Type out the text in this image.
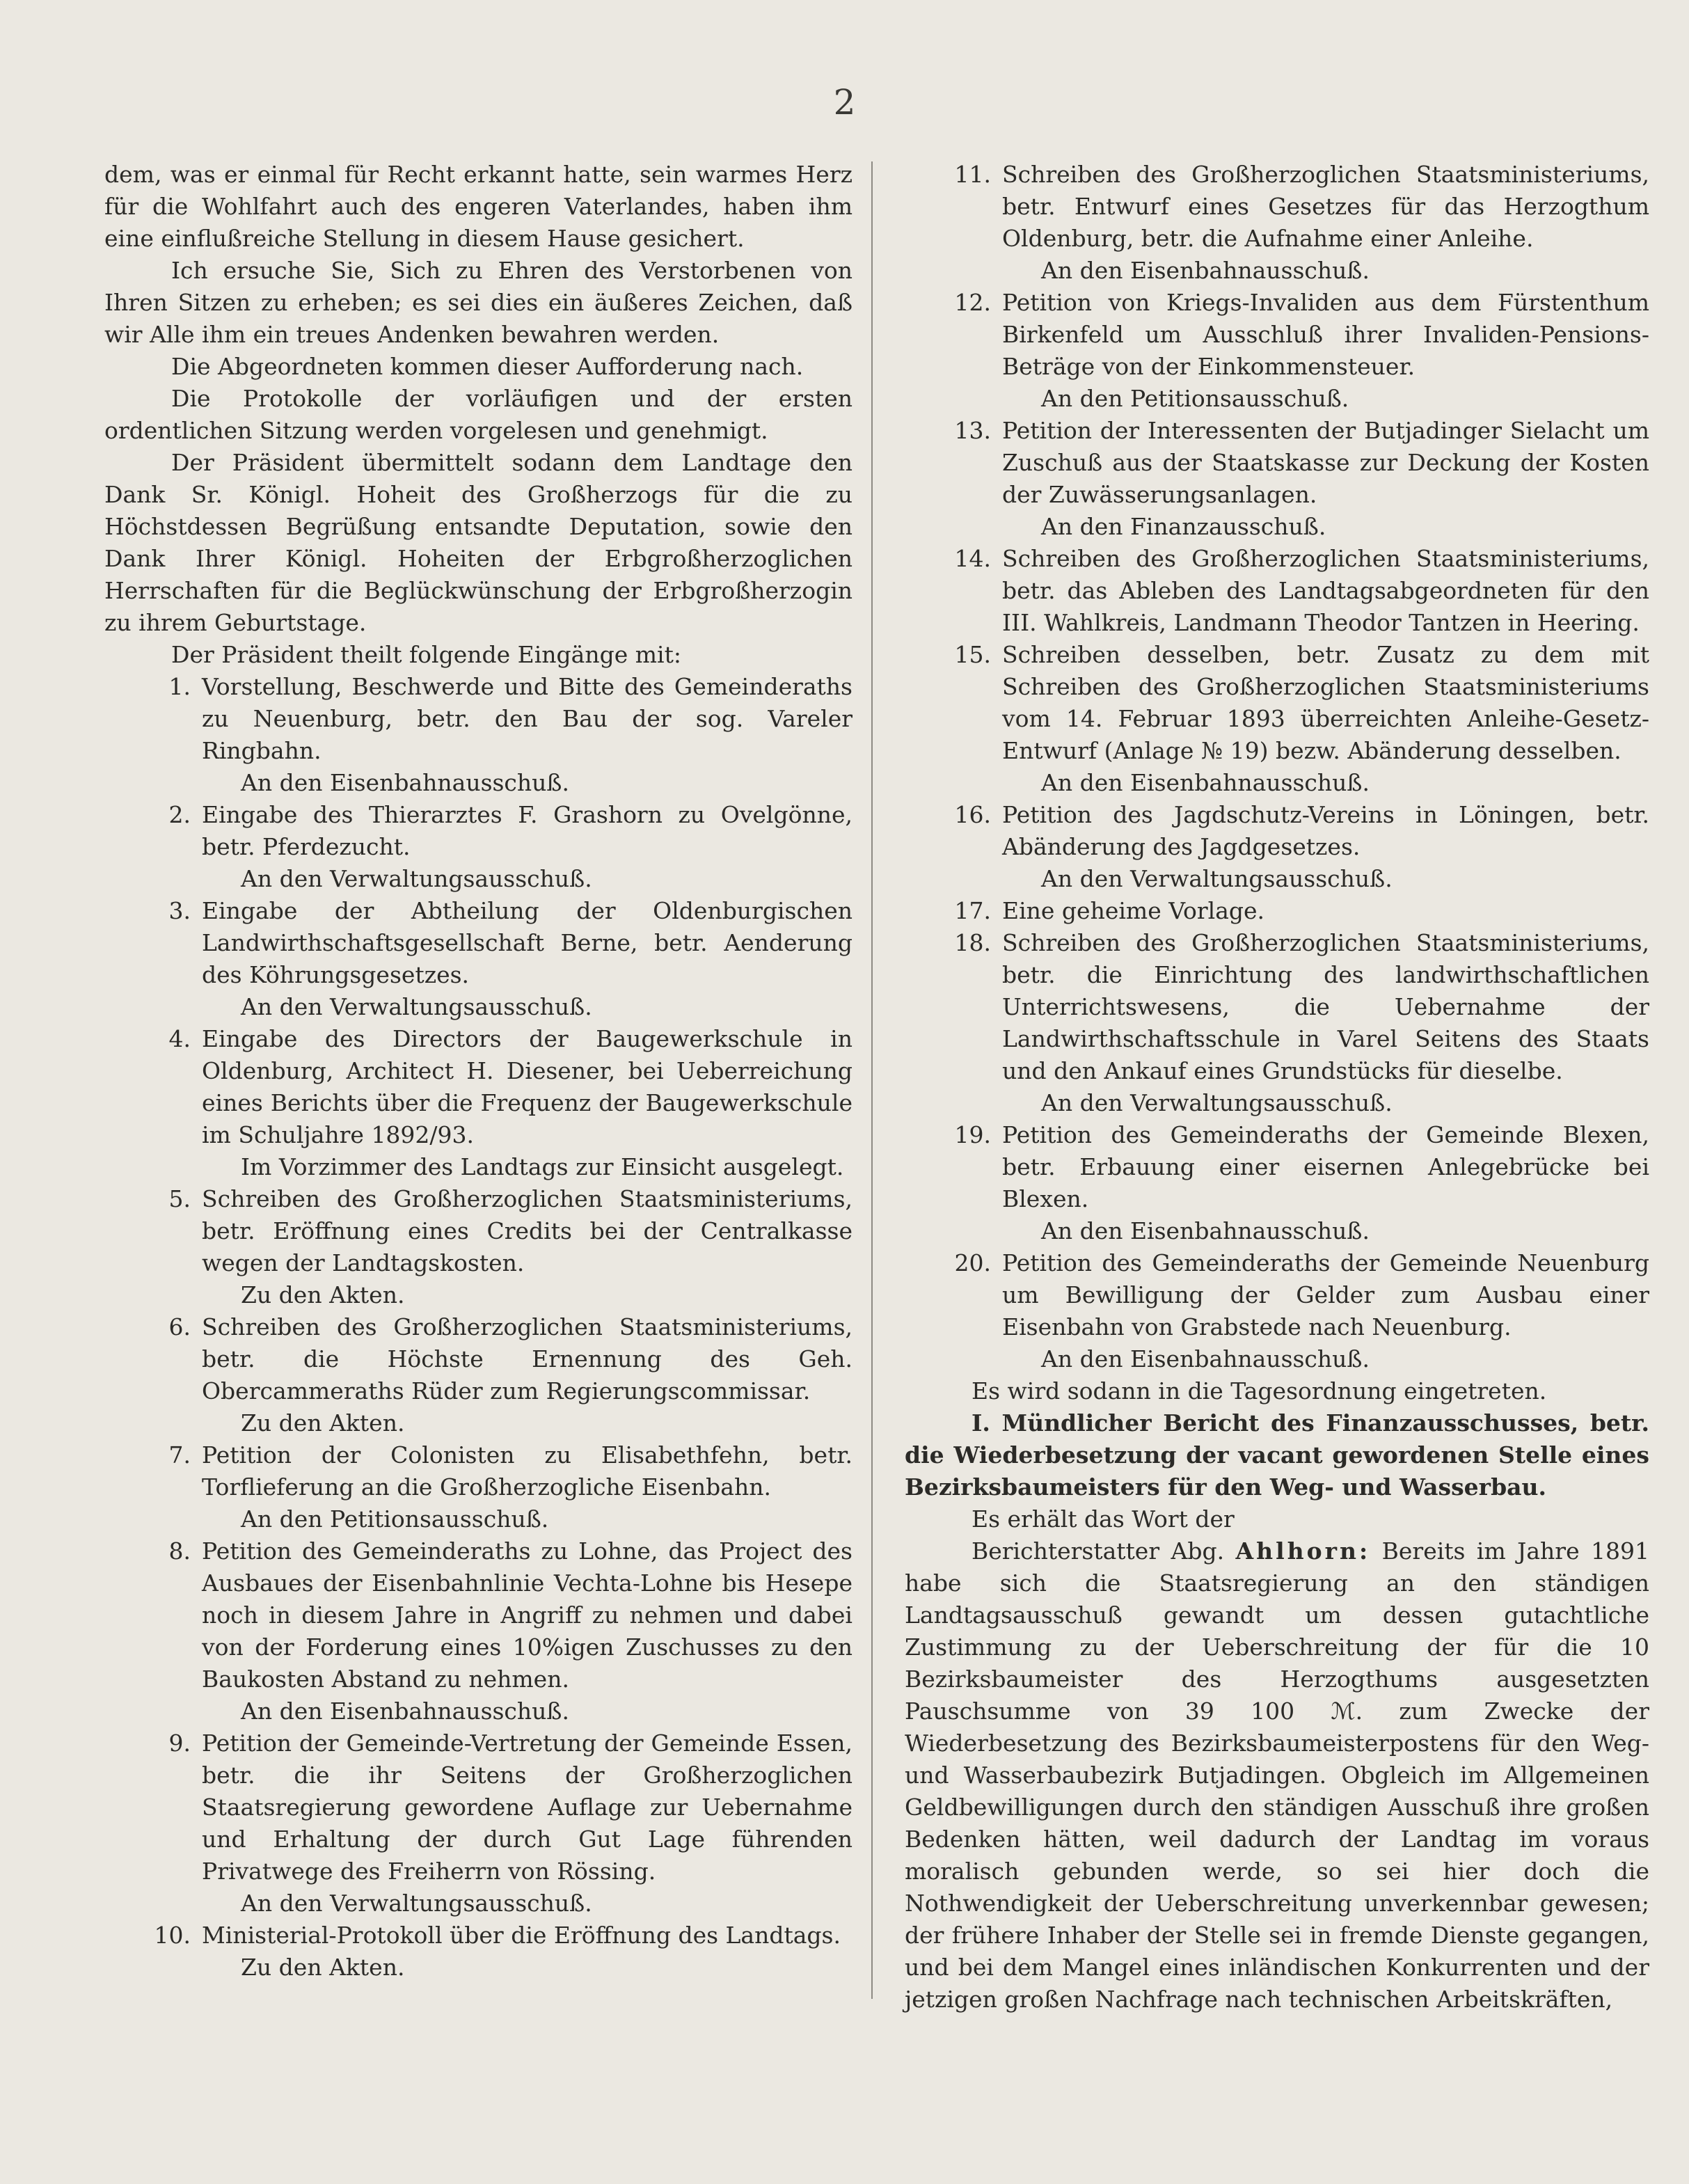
2

dem, was er einmal für Recht erkannt hatte, sein warmes Herz für die Wohlfahrt auch des engeren Vaterlandes, haben ihm eine einflußreiche Stellung in diesem Hause gesichert.

Ich ersuche Sie, Sich zu Ehren des Verstorbenen von Ihren Sitzen zu erheben; es sei dies ein äußeres Zeichen, daß wir Alle ihm ein treues Andenken bewahren werden.

Die Abgeordneten kommen dieser Aufforderung nach.

Die Protokolle der vorläufigen und der ersten ordentlichen Sitzung werden vorgelesen und genehmigt.

Der Präsident übermittelt sodann dem Landtage den Dank Sr. Königl. Hoheit des Großherzogs für die zu Höchstdessen Begrüßung entsandte Deputation, sowie den Dank Ihrer Königl. Hoheiten der Erbgroßherzoglichen Herrschaften für die Beglückwünschung der Erbgroßherzogin zu ihrem Geburtstage.

Der Präsident theilt folgende Eingänge mit:

1. Vorstellung, Beschwerde und Bitte des Gemeinderaths zu Neuenburg, betr. den Bau der sog. Vareler Ringbahn.
An den Eisenbahnausschuß.
2. Eingabe des Thierarztes F. Grashorn zu Ovelgönne, betr. Pferdezucht.
An den Verwaltungsausschuß.
3. Eingabe der Abtheilung der Oldenburgischen Landwirthschaftsgesellschaft Berne, betr. Aenderung des Köhrungsgesetzes.
An den Verwaltungsausschuß.
4. Eingabe des Directors der Baugewerkschule in Oldenburg, Architect H. Diesener, bei Ueberreichung eines Berichts über die Frequenz der Baugewerkschule im Schuljahre 1892/93.
Im Vorzimmer des Landtags zur Einsicht ausgelegt.
5. Schreiben des Großherzoglichen Staatsministeriums, betr. Eröffnung eines Credits bei der Centralkasse wegen der Landtagskosten.
Zu den Akten.
6. Schreiben des Großherzoglichen Staatsministeriums, betr. die Höchste Ernennung des Geh. Obercammeraths Rüder zum Regierungscommissar.
Zu den Akten.
7. Petition der Colonisten zu Elisabethfehn, betr. Torflieferung an die Großherzogliche Eisenbahn.
An den Petitionsausschuß.
8. Petition des Gemeinderaths zu Lohne, das Project des Ausbaues der Eisenbahnlinie Vechta-Lohne bis Hesepe noch in diesem Jahre in Angriff zu nehmen und dabei von der Forderung eines 10%igen Zuschusses zu den Baukosten Abstand zu nehmen.
An den Eisenbahnausschuß.
9. Petition der Gemeinde-Vertretung der Gemeinde Essen, betr. die ihr Seitens der Großherzoglichen Staatsregierung gewordene Auflage zur Uebernahme und Erhaltung der durch Gut Lage führenden Privatwege des Freiherrn von Rössing.
An den Verwaltungsausschuß.
10. Ministerial-Protokoll über die Eröffnung des Landtags.
Zu den Akten.
11. Schreiben des Großherzoglichen Staatsministeriums, betr. Entwurf eines Gesetzes für das Herzogthum Oldenburg, betr. die Aufnahme einer Anleihe.
An den Eisenbahnausschuß.
12. Petition von Kriegs-Invaliden aus dem Fürstenthum Birkenfeld um Ausschluß ihrer Invaliden-Pensions-Beträge von der Einkommensteuer.
An den Petitionsausschuß.
13. Petition der Interessenten der Butjadinger Sielacht um Zuschuß aus der Staatskasse zur Deckung der Kosten der Zuwässerungsanlagen.
An den Finanzausschuß.
14. Schreiben des Großherzoglichen Staatsministeriums, betr. das Ableben des Landtagsabgeordneten für den III. Wahlkreis, Landmann Theodor Tantzen in Heering.
15. Schreiben desselben, betr. Zusatz zu dem mit Schreiben des Großherzoglichen Staatsministeriums vom 14. Februar 1893 überreichten Anleihe-Gesetz-Entwurf (Anlage № 19) bezw. Abänderung desselben.
An den Eisenbahnausschuß.
16. Petition des Jagdschutz-Vereins in Löningen, betr. Abänderung des Jagdgesetzes.
An den Verwaltungsausschuß.
17. Eine geheime Vorlage.
18. Schreiben des Großherzoglichen Staatsministeriums, betr. die Einrichtung des landwirthschaftlichen Unterrichtswesens, die Uebernahme der Landwirthschaftsschule in Varel Seitens des Staats und den Ankauf eines Grundstücks für dieselbe.
An den Verwaltungsausschuß.
19. Petition des Gemeinderaths der Gemeinde Blexen, betr. Erbauung einer eisernen Anlegebrücke bei Blexen.
An den Eisenbahnausschuß.
20. Petition des Gemeinderaths der Gemeinde Neuenburg um Bewilligung der Gelder zum Ausbau einer Eisenbahn von Grabstede nach Neuenburg.
An den Eisenbahnausschuß.

Es wird sodann in die Tagesordnung eingetreten.

I. Mündlicher Bericht des Finanzausschusses, betr. die Wiederbesetzung der vacant gewordenen Stelle eines Bezirksbaumeisters für den Weg- und Wasserbau.

Es erhält das Wort der

Berichterstatter Abg. Ahlhorn: Bereits im Jahre 1891 habe sich die Staatsregierung an den ständigen Landtagsausschuß gewandt um dessen gutachtliche Zustimmung zu der Ueberschreitung der für die 10 Bezirksbaumeister des Herzogthums ausgesetzten Pauschsumme von 39 100 ℳ. zum Zwecke der Wiederbesetzung des Bezirksbaumeisterpostens für den Weg- und Wasserbaubezirk Butjadingen. Obgleich im Allgemeinen Geldbewilligungen durch den ständigen Ausschuß ihre großen Bedenken hätten, weil dadurch der Landtag im voraus moralisch gebunden werde, so sei hier doch die Nothwendigkeit der Ueberschreitung unverkennbar gewesen; der frühere Inhaber der Stelle sei in fremde Dienste gegangen, und bei dem Mangel eines inländischen Konkurrenten und der jetzigen großen Nachfrage nach technischen Arbeitskräften,
